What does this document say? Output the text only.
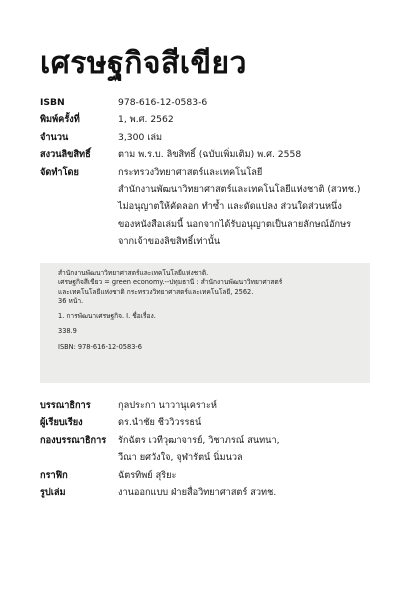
เศรษฐกิจสีเขียว
ISBN	978-616-12-0583-6
พิมพ์ครั้งที่	1, พ.ศ. 2562
จำนวน	3,300 เล่ม
สงวนลิขสิทธิ์	ตาม พ.ร.บ. ลิขสิทธิ์ (ฉบับเพิ่มเติม) พ.ศ. 2558
จัดทำโดย	กระทรวงวิทยาศาสตร์และเทคโนโลยี
สำนักงานพัฒนาวิทยาศาสตร์และเทคโนโลยีแห่งชาติ (สวทช.)
ไม่อนุญาตให้คัดลอก ทำซ้ำ และดัดแปลง ส่วนใดส่วนหนึ่ง
ของหนังสือเล่มนี้ นอกจากได้รับอนุญาตเป็นลายลักษณ์อักษร
จากเจ้าของลิขสิทธิ์เท่านั้น
สำนักงานพัฒนาวิทยาศาสตร์และเทคโนโลยีแห่งชาติ.
เศรษฐกิจสีเขียว = green economy.--ปทุมธานี : สำนักงานพัฒนาวิทยาศาสตร์
และเทคโนโลยีแห่งชาติ กระทรวงวิทยาศาสตร์และเทคโนโลยี, 2562.
36 หน้า.
1. การพัฒนาเศรษฐกิจ. I. ชื่อเรื่อง.
338.9
ISBN: 978-616-12-0583-6
บรรณาธิการ	กุลประกา นาวานุเคราะห์
ผู้เรียบเรียง	ดร.นำชัย ชีววิวรรธน์
กองบรรณาธิการ	รักฉัตร เวทีวุฒาจารย์, วิชาภรณ์ สนทนา,
วีณา ยศวังใจ, จุฬารัตน์ นิ่มนวล
กราฟิก	ฉัตรทิพย์ สุริยะ
รูปเล่ม	งานออกแบบ ฝ่ายสื่อวิทยาศาสตร์ สวทช.
